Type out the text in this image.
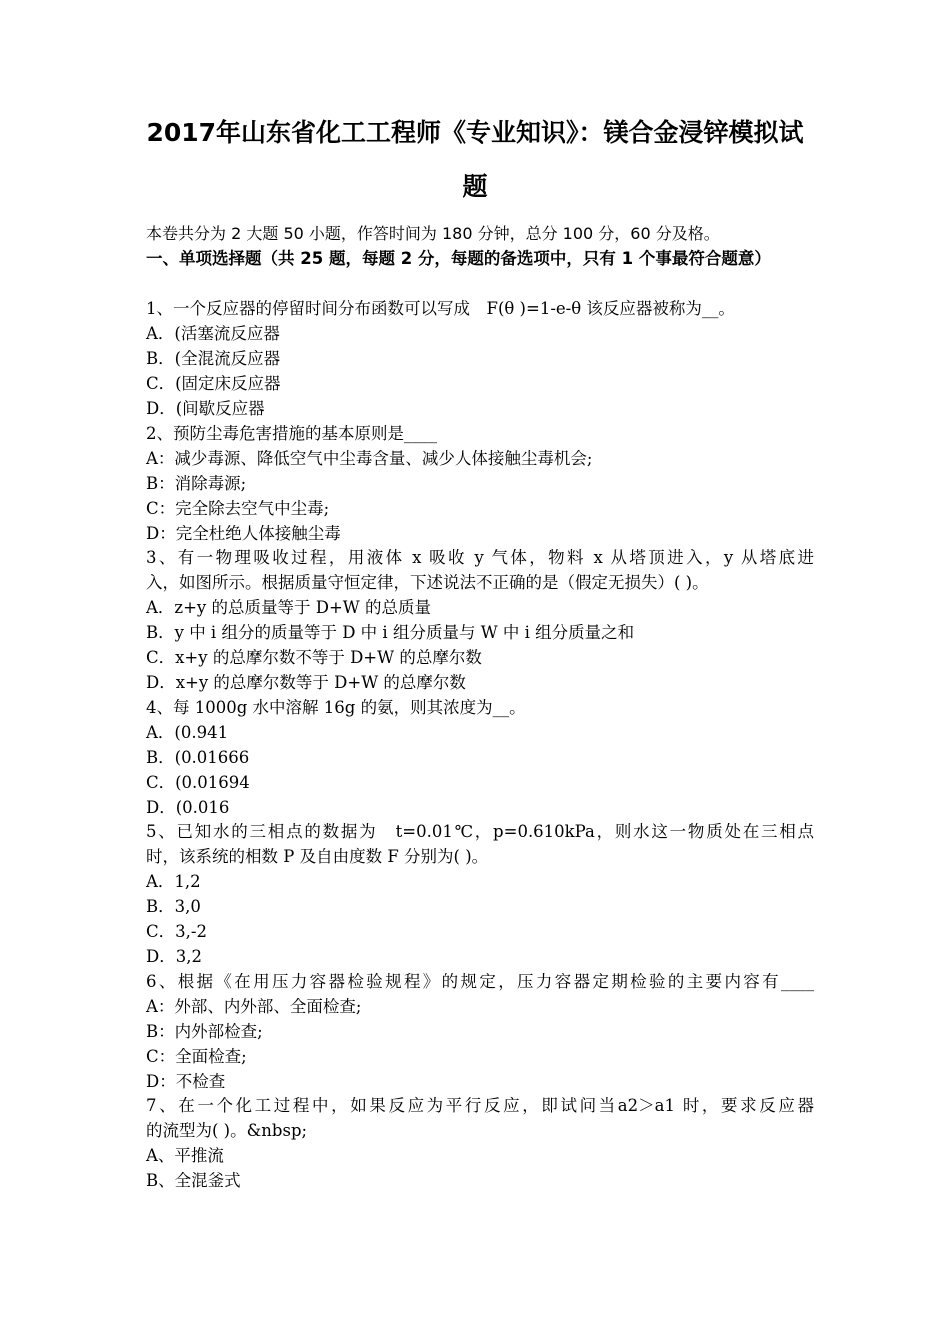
2017年山东省化工工程师《专业知识》：镁合金浸锌模拟试
题

本卷共分为 2 大题 50 小题，作答时间为 180 分钟，总分 100 分，60 分及格。

一、单项选择题（共 25 题，每题 2 分，每题的备选项中，只有 1 个事最符合题意）

1、一个反应器的停留时间分布函数可以写成　F(θ )=1-e-θ 该反应器被称为__。

A．(活塞流反应器

B．(全混流反应器

C．(固定床反应器

D．(间歇反应器

2、预防尘毒危害措施的基本原则是____

A：减少毒源、降低空气中尘毒含量、减少人体接触尘毒机会;

B：消除毒源;

C：完全除去空气中尘毒;

D：完全杜绝人体接触尘毒

3、有一物理吸收过程，用液体 x 吸收 y 气体，物料 x 从塔顶进入，y 从塔底进

入，如图所示。根据质量守恒定律，下述说法不正确的是（假定无损失）( )。

A．z+y 的总质量等于 D+W 的总质量

B．y 中 i 组分的质量等于 D 中 i 组分质量与 W 中 i 组分质量之和

C．x+y 的总摩尔数不等于 D+W 的总摩尔数

D．x+y 的总摩尔数等于 D+W 的总摩尔数

4、每 1000g 水中溶解 16g 的氨，则其浓度为__。

A．(0.941

B．(0.01666

C．(0.01694

D．(0.016

5、已知水的三相点的数据为　t=0.01℃，p=0.610kPa，则水这一物质处在三相点

时，该系统的相数 P 及自由度数 F 分别为( )。

A．1,2

B．3,0

C．3,-2

D．3,2

6、根据《在用压力容器检验规程》的规定，压力容器定期检验的主要内容有____

A：外部、内外部、全面检查;

B：内外部检查;

C：全面检查;

D：不检查

7、在一个化工过程中，如果反应为平行反应，即试问当a2＞a1 时，要求反应器

的流型为( )。&nbsp;

A、平推流

B、全混釜式
